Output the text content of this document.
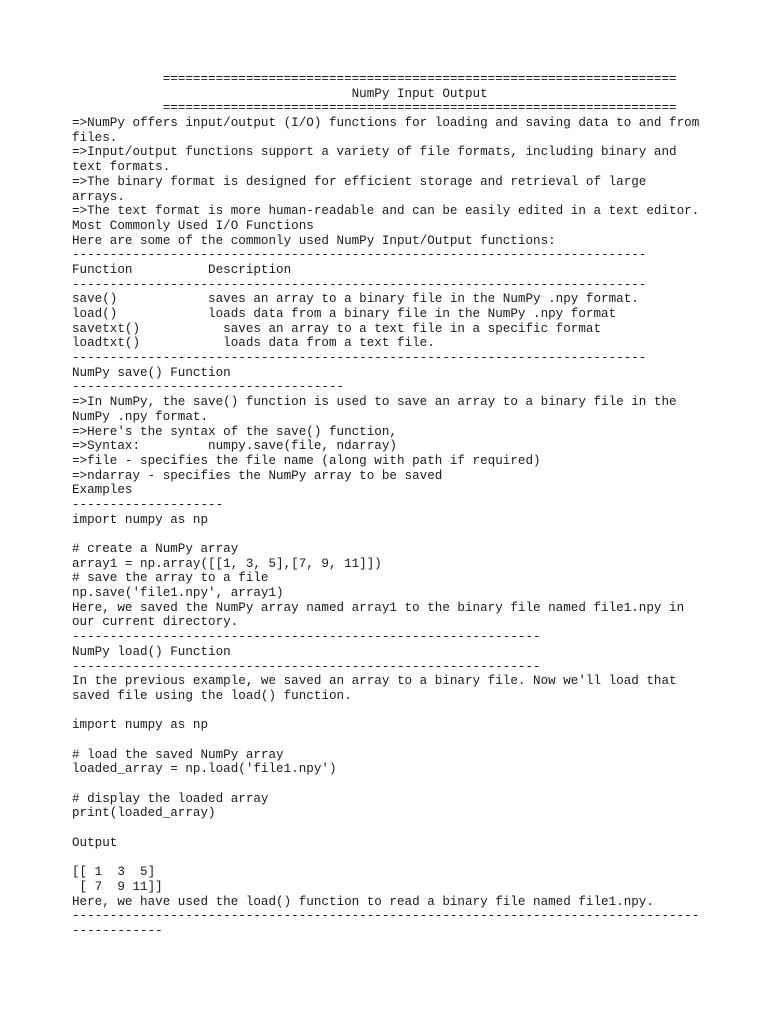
====================================================================
NumPy Input Output
====================================================================
=>NumPy offers input/output (I/O) functions for loading and saving data to and from
files.
=>Input/output functions support a variety of file formats, including binary and
text formats.
=>The binary format is designed for efficient storage and retrieval of large
arrays.
=>The text format is more human-readable and can be easily edited in a text editor.
Most Commonly Used I/O Functions
Here are some of the commonly used NumPy Input/Output functions:
----------------------------------------------------------------------------
Function          Description
----------------------------------------------------------------------------
save()            saves an array to a binary file in the NumPy .npy format.
load()            loads data from a binary file in the NumPy .npy format
savetxt()           saves an array to a text file in a specific format
loadtxt()           loads data from a text file.
----------------------------------------------------------------------------
NumPy save() Function
------------------------------------
=>In NumPy, the save() function is used to save an array to a binary file in the
NumPy .npy format.
=>Here's the syntax of the save() function,
=>Syntax:         numpy.save(file, ndarray)
=>file - specifies the file name (along with path if required)
=>ndarray - specifies the NumPy array to be saved
Examples
--------------------
import numpy as np

# create a NumPy array
array1 = np.array([[1, 3, 5],[7, 9, 11]])
# save the array to a file
np.save('file1.npy', array1)
Here, we saved the NumPy array named array1 to the binary file named file1.npy in
our current directory.
--------------------------------------------------------------
NumPy load() Function
--------------------------------------------------------------
In the previous example, we saved an array to a binary file. Now we'll load that
saved file using the load() function.

import numpy as np

# load the saved NumPy array
loaded_array = np.load('file1.npy')

# display the loaded array
print(loaded_array)

Output

[[ 1  3  5]
[ 7  9 11]]
Here, we have used the load() function to read a binary file named file1.npy.
-----------------------------------------------------------------------------------
------------
